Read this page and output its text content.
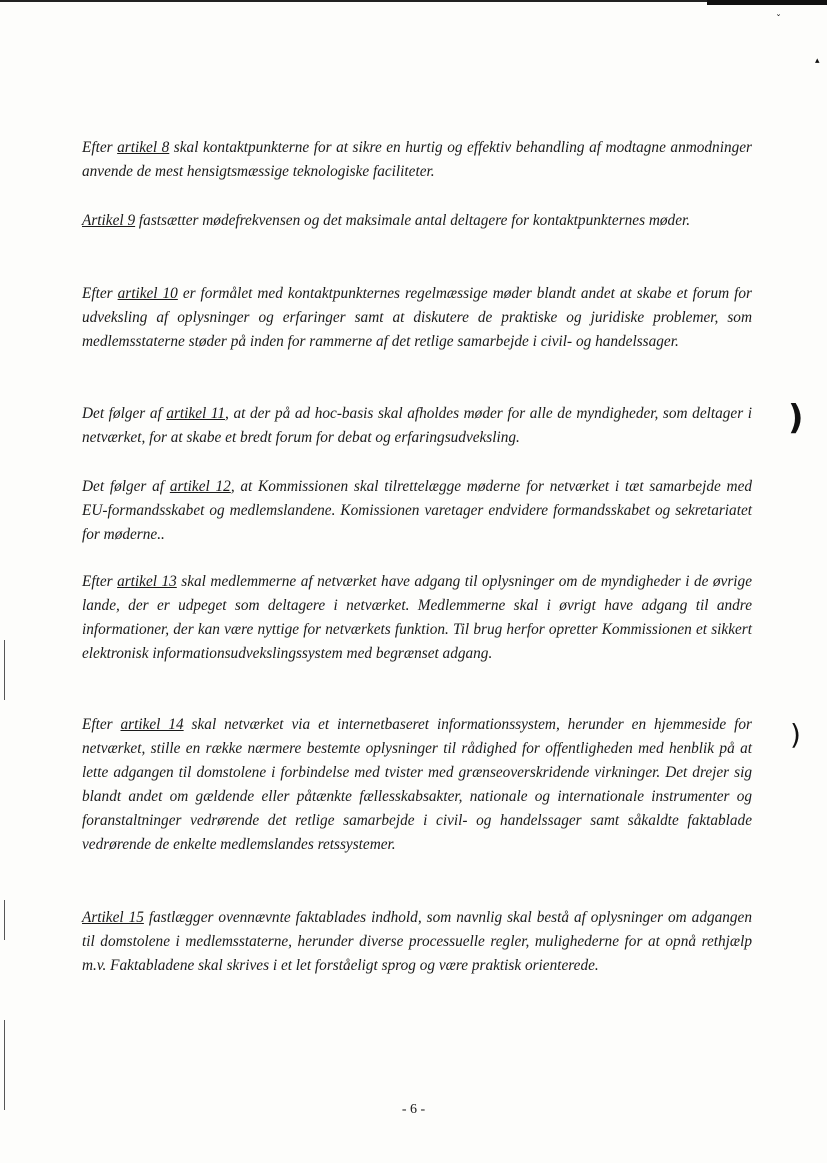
ˇ
▴
)
)

Efter artikel 8 skal kontaktpunkterne for at sikre en hurtig og effektiv behandling af modtagne anmodninger anvende de mest hensigtsmæssige teknologiske faciliteter.

Artikel 9 fastsætter mødefrekvensen og det maksimale antal deltagere for kontaktpunkternes møder.

Efter artikel 10 er formålet med kontaktpunkternes regelmæssige møder blandt andet at skabe et forum for udveksling af oplysninger og erfaringer samt at diskutere de praktiske og juridiske problemer, som medlemsstaterne støder på inden for rammerne af det retlige samarbejde i civil- og handelssager.

Det følger af artikel 11, at der på ad hoc-basis skal afholdes møder for alle de myndigheder, som deltager i netværket, for at skabe et bredt forum for debat og erfaringsudveksling.

Det følger af artikel 12, at Kommissionen skal tilrettelægge møderne for netværket i tæt samarbejde med EU-formandsskabet og medlemslandene. Komissionen varetager endvidere formandsskabet og sekretariatet for møderne..

Efter artikel 13 skal medlemmerne af netværket have adgang til oplysninger om de myndigheder i de øvrige lande, der er udpeget som deltagere i netværket. Medlemmerne skal i øvrigt have adgang til andre informationer, der kan være nyttige for netværkets funktion. Til brug herfor opretter Kommissionen et sikkert elektronisk informationsudvekslingssystem med begrænset adgang.

Efter artikel 14 skal netværket via et internetbaseret informationssystem, herunder en hjemmeside for netværket, stille en række nærmere bestemte oplysninger til rådighed for offentligheden med henblik på at lette adgangen til domstolene i forbindelse med tvister med grænseoverskridende virkninger. Det drejer sig blandt andet om gældende eller påtænkte fællesskabsakter, nationale og internationale instrumenter og foranstaltninger vedrørende det retlige samarbejde i civil- og handelssager samt såkaldte faktablade vedrørende de enkelte medlemslandes retssystemer.

Artikel 15 fastlægger ovennævnte faktablades indhold, som navnlig skal bestå af oplysninger om adgangen til domstolene i medlemsstaterne, herunder diverse processuelle regler, mulighederne for at opnå rethjælp m.v. Faktabladene skal skrives i et let forståeligt sprog og være praktisk orienterede.

- 6 -
